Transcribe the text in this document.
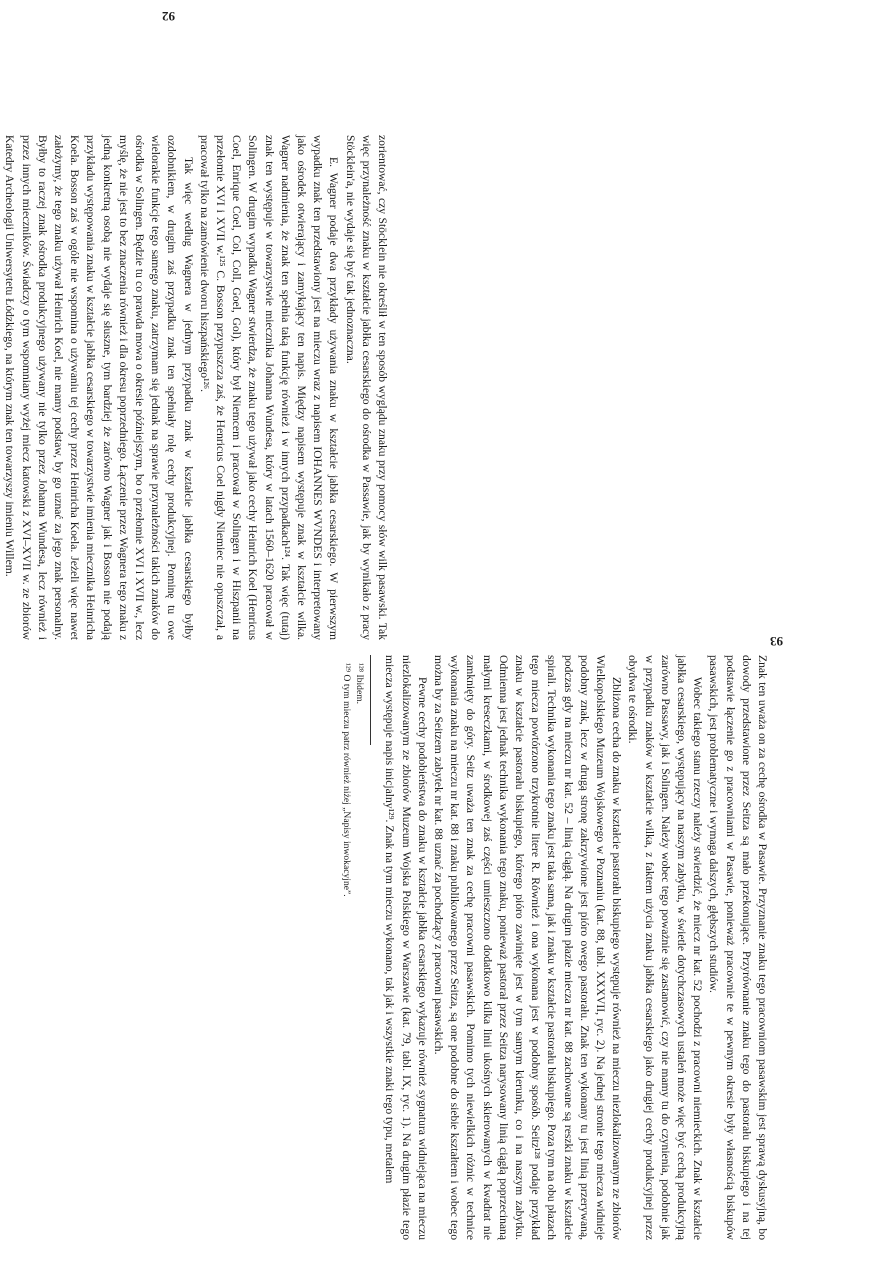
92

zorientować, czy Stöcklein nie określił w ten sposób wyglądu znaku przy pomocy słów wilk pasawski. Tak więc przynależność znaku w kształcie jabłka cesarskiego do ośrodka w Passawie, jak by wynikało z pracy Stöcklein'a, nie wydaje się być tak jednoznaczna.

E. Wagner podaje dwa przykłady używania znaku w kształcie jabłka cesarskiego. W pierwszym wypadku znak ten przedstawiony jest na mieczu wraz z napisem IOHANNES WVNDES i interpretowany jako ośrodek otwierający i zamykający ten napis. Między napisem występuje znak w kształcie wilka. Wagner nadmienia, że znak ten spełnia taką funkcję również i w innych przypadkach¹²⁴. Tak więc (tutaj) znak ten występuje w towarzystwie miecznika Johanna Wundesa, który w latach 1560–1620 pracował w Solingen. W drugim wypadku Wagner stwierdza, że znaku tego używał jako cechy Heinrich Koel (Henricus Coel, Enrique Coel, Col, Coll, Goel, Gol), który był Niemcem i pracował w Solingen i w Hiszpanii na przełomie XVI i XVII w.¹²⁵ C. Bosson przypuszcza zaś, że Henricus Coel nigdy Niemiec nie opuszczał, a pracował tylko na zamówienie dworu hiszpańskiego¹²⁶.

Tak więc według Wagnera w jednym przypadku znak w kształcie jabłka cesarskiego byłby ozdobnikiem, w drugim zaś przypadku znak ten spełniały rolę cechy produkcyjnej. Pominę tu owe wielorakie funkcje tego samego znaku, zatrzymam się jednak na sprawie przynależności takich znaków do ośrodka w Solingen. Będzie tu co prawda mowa o okresie późniejszym, bo o przełomie XVI i XVII w., lecz myślę, że nie jest to bez znaczenia również i dla okresu poprzedniego. Łączenie przez Wagnera tego znaku z jedną konkretną osobą nie wydaje się słuszne, tym bardziej że zarówno Wagner jak i Bosson nie podają przykładu występowania znaku w kształcie jabłka cesarskiego w towarzystwie imienia miecznika Heinricha Koela. Bosson zaś w ogóle nie wspomina o używaniu tej cechy przez Heinricha Koela. Jeżeli więc nawet założymy, że tego znaku używał Heinrich Koel, nie mamy podstaw, by go uznać za jego znak personalny. Byłby to raczej znak ośrodka produkcyjnego używany nie tylko przez Johanna Wundesa, lecz również i przez innych mieczników. Świadczy o tym wspomniany wyżej miecz katowski z XVI–XVII w. ze zbiorów Katedry Archeologii Uniwersytetu Łódzkiego, na którym znak ten towarzyszy imieniu Willem.

93

Znak ten uważa on za cechę ośrodka w Pasawie. Przyznanie znaku tego pracowniom pasawskim jest sprawą dyskusyjną, bo dowody przedstawione przez Seitza są mało przekonujące. Przyrównanie znaku tego do pastorału biskupiego i na tej podstawie łączenie go z pracowniami w Pasawie, ponieważ pracownie te w pewnym okresie były własnością biskupów pasawskich, jest problematyczne i wymaga dalszych, głębszych studiów.

Wobec takiego stanu rzeczy należy stwierdzić, że miecz nr kat. 52 pochodzi z pracowni niemieckich. Znak w kształcie jabłka cesarskiego, występujący na naszym zabytku, w świetle dotychczasowych ustaleń może więc być cechą produkcyjną zarówno Passawy, jak i Solingen. Należy wobec tego poważnie się zastanowić, czy nie mamy tu do czynienia, podobnie jak w przypadku znaków w kształcie wilka, z faktem użycia znaku jabłka cesarskiego jako drugiej cechy produkcyjnej przez obydwa te ośrodki.

Zbliżona cecha do znaku w kształcie pastorału biskupiego występuje również na mieczu niezlokalizowanym ze zbiorów Wielkopolskiego Muzeum Wojskowego w Poznaniu (kat. 88, tabl. XXXVII, ryc. 2). Na jednej stronie tego miecza widnieje podobny znak, lecz w drugą stronę zakrzywione jest pióro owego pastorału. Znak ten wykonany tu jest linią przerywaną, podczas gdy na mieczu nr kat. 52 – linią ciągłą. Na drugim płazie miecza nr kat. 88 zachowane są reszki znaku w kształcie spirali. Technika wykonania tego znaku jest taka sama, jak i znaku w kształcie pastorału biskupiego. Poza tym na obu płazach tego miecza powtórzono trzykrotnie litere R. Również i ona wykonana jest w podobny sposób. Seitz¹²⁸ podaje przykład znaku w kształcie pastorału biskupiego, którego pióro zawinięte jest w tym samym kierunku, co i na naszym zabytku. Odmienna jest jednak technika wykonania tego znaku, ponieważ pastorał przez Seitza narysowany linią ciągłą poprzecinaną małymi kreseczkami, w środkowej zaś części umieszczono dodatkowo kilka linii ukośnych skierowanych w kwadrat nie zamknięty do góry. Seitz uważa ten znak za cechę pracowni pasawskich. Pomimo tych niewielkich różnic w technice wykonania znaku na mieczu nr kat. 88 i znaku publikowanego przez Seitza, są one podobne do siebie kształtem i wobec tego można by za Seitzem zabytek nr kat. 88 uznać za pochodzący z pracowni pasawskich.

Pewne cechy podobieństwa do znaku w kształcie jabłka cesarskiego wykazuje również sygnatura widniejąca na mieczu niezlokalizowanym ze zbiorów Muzeum Wojska Polskiego w Warszawie (kat. 79, tabl. IX, ryc. 1). Na drugim płazie tego miecza występuje napis inicjalny¹²⁹. Znak na tym mieczu wykonano, tak jak i wszystkie znaki tego typu, metalem

¹²⁸ Ibidem.
¹²⁹ O tym mieczu patrz również niżej „Napisy inwokacyjne”.
